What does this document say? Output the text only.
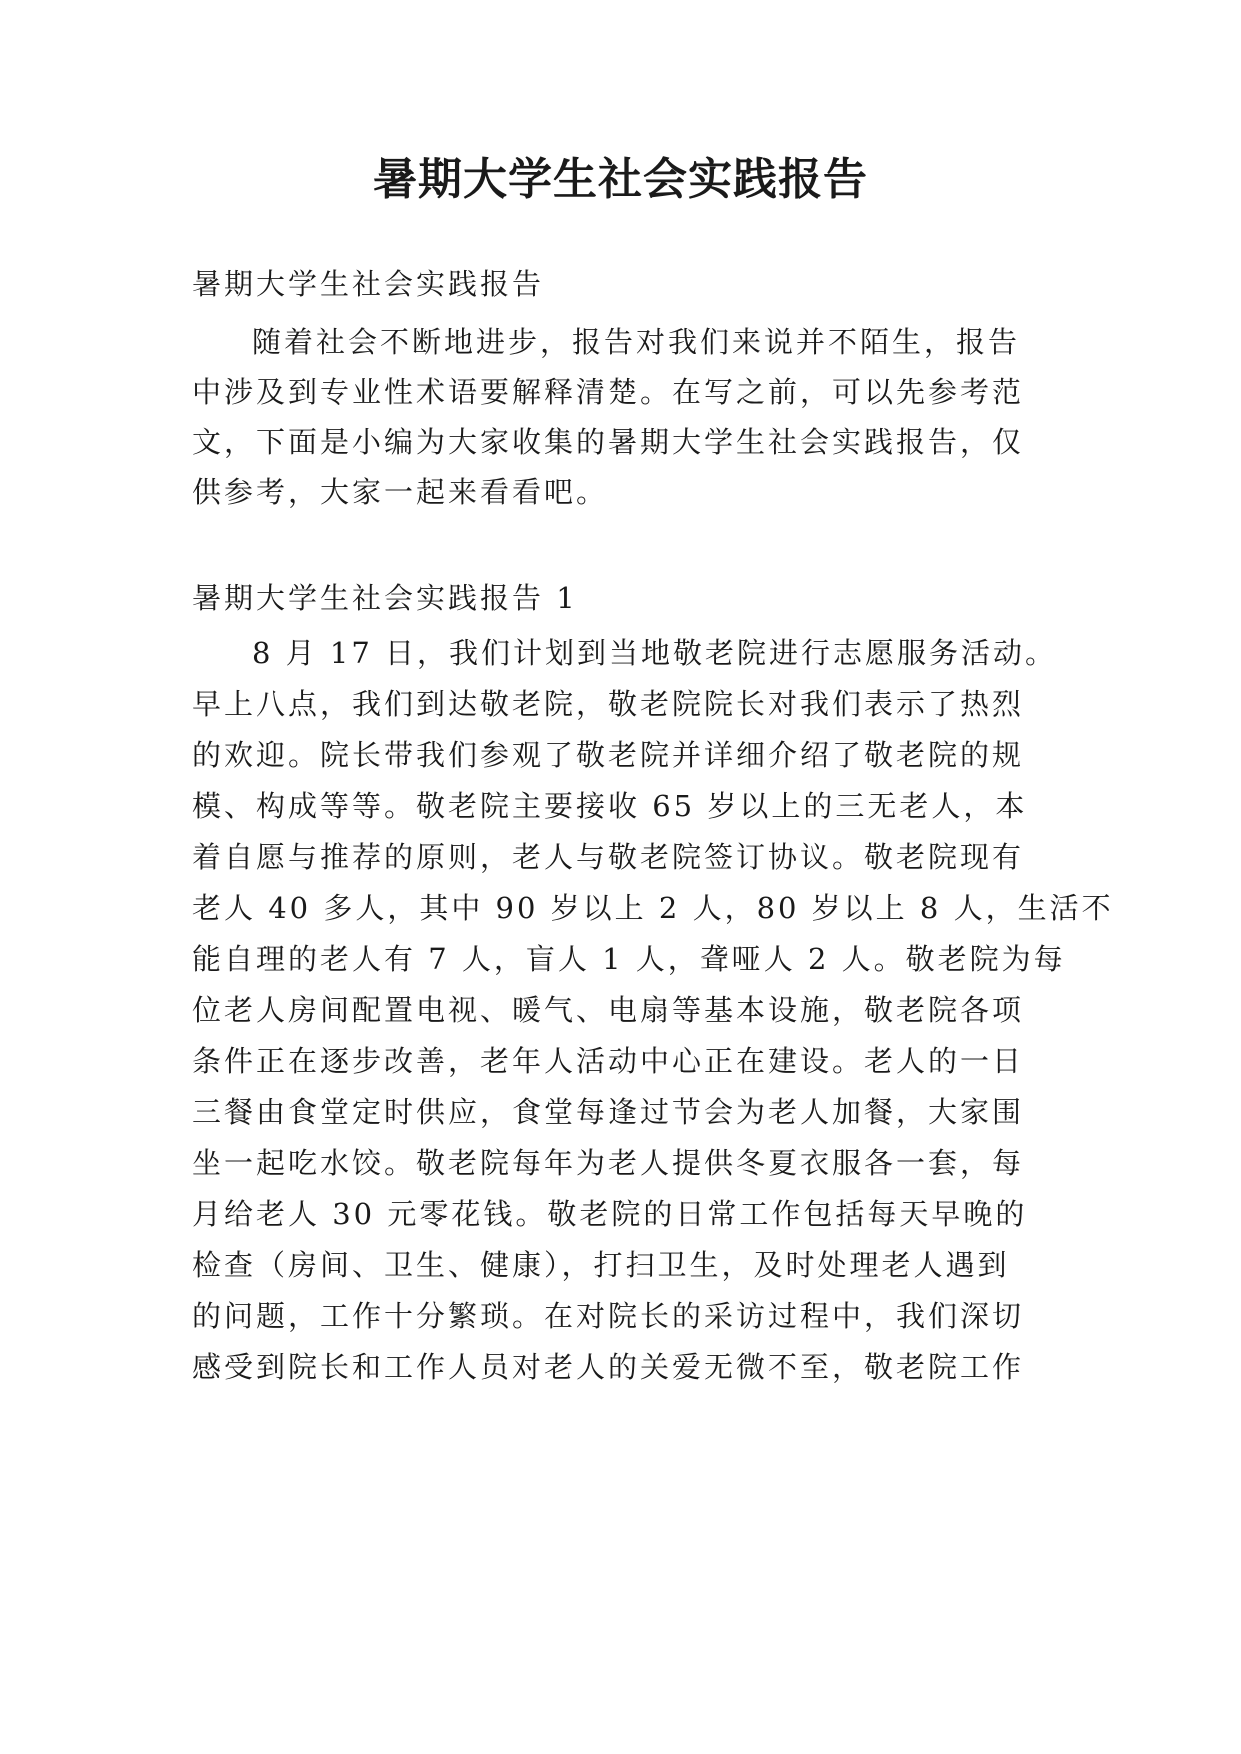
暑期大学生社会实践报告
暑期大学生社会实践报告
随着社会不断地进步，报告对我们来说并不陌生，报告
中涉及到专业性术语要解释清楚。在写之前，可以先参考范
文，下面是小编为大家收集的暑期大学生社会实践报告，仅
供参考，大家一起来看看吧。
暑期大学生社会实践报告 1
8 月 17 日，我们计划到当地敬老院进行志愿服务活动。
早上八点，我们到达敬老院，敬老院院长对我们表示了热烈
的欢迎。院长带我们参观了敬老院并详细介绍了敬老院的规
模、构成等等。敬老院主要接收 65 岁以上的三无老人，本
着自愿与推荐的原则，老人与敬老院签订协议。敬老院现有
老人 40 多人，其中 90 岁以上 2 人，80 岁以上 8 人，生活不
能自理的老人有 7 人，盲人 1 人，聋哑人 2 人。敬老院为每
位老人房间配置电视、暖气、电扇等基本设施，敬老院各项
条件正在逐步改善，老年人活动中心正在建设。老人的一日
三餐由食堂定时供应，食堂每逢过节会为老人加餐，大家围
坐一起吃水饺。敬老院每年为老人提供冬夏衣服各一套，每
月给老人 30 元零花钱。敬老院的日常工作包括每天早晚的
检查（房间、卫生、健康），打扫卫生，及时处理老人遇到
的问题，工作十分繁琐。在对院长的采访过程中，我们深切
感受到院长和工作人员对老人的关爱无微不至，敬老院工作
